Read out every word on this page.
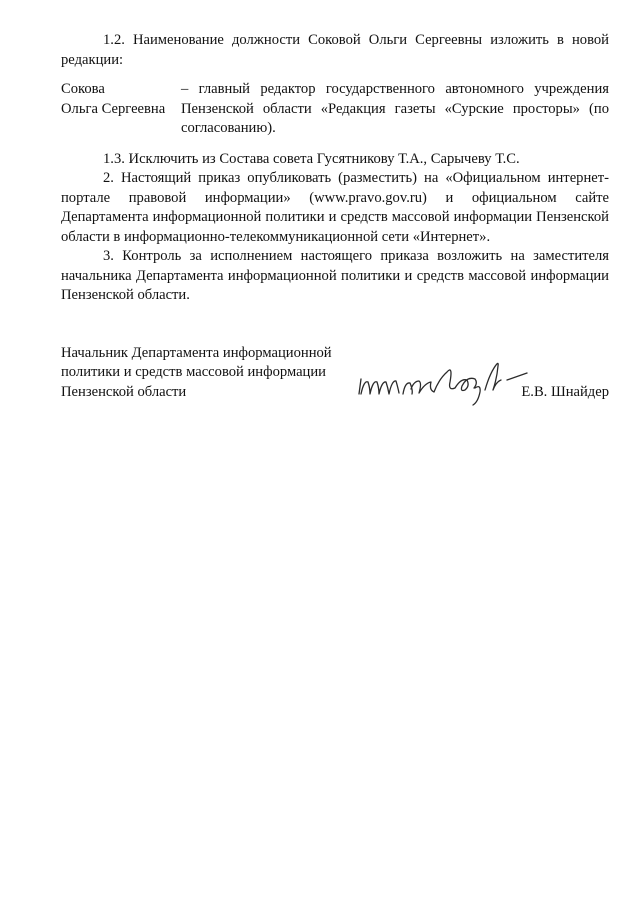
1.2. Наименование должности Соковой Ольги Сергеевны изложить в новой редакции:

Сокова
Ольга Сергеевна
– главный редактор государственного автономного учреждения Пензенской области «Редакция газеты «Сурские просторы» (по согласованию).

1.3. Исключить из Состава совета Гусятникову Т.А., Сарычеву Т.С.

2. Настоящий приказ опубликовать (разместить) на «Официальном интернет-портале правовой информации» (www.pravo.gov.ru) и официальном сайте Департамента информационной политики и средств массовой информации Пензенской области в информационно-телекоммуникационной сети «Интернет».

3. Контроль за исполнением настоящего приказа возложить на заместителя начальника Департамента информационной политики и средств массовой информации Пензенской области.

Начальник Департамента информационной
политики и средств массовой информации
Пензенской области	Е.В. Шнайдер
